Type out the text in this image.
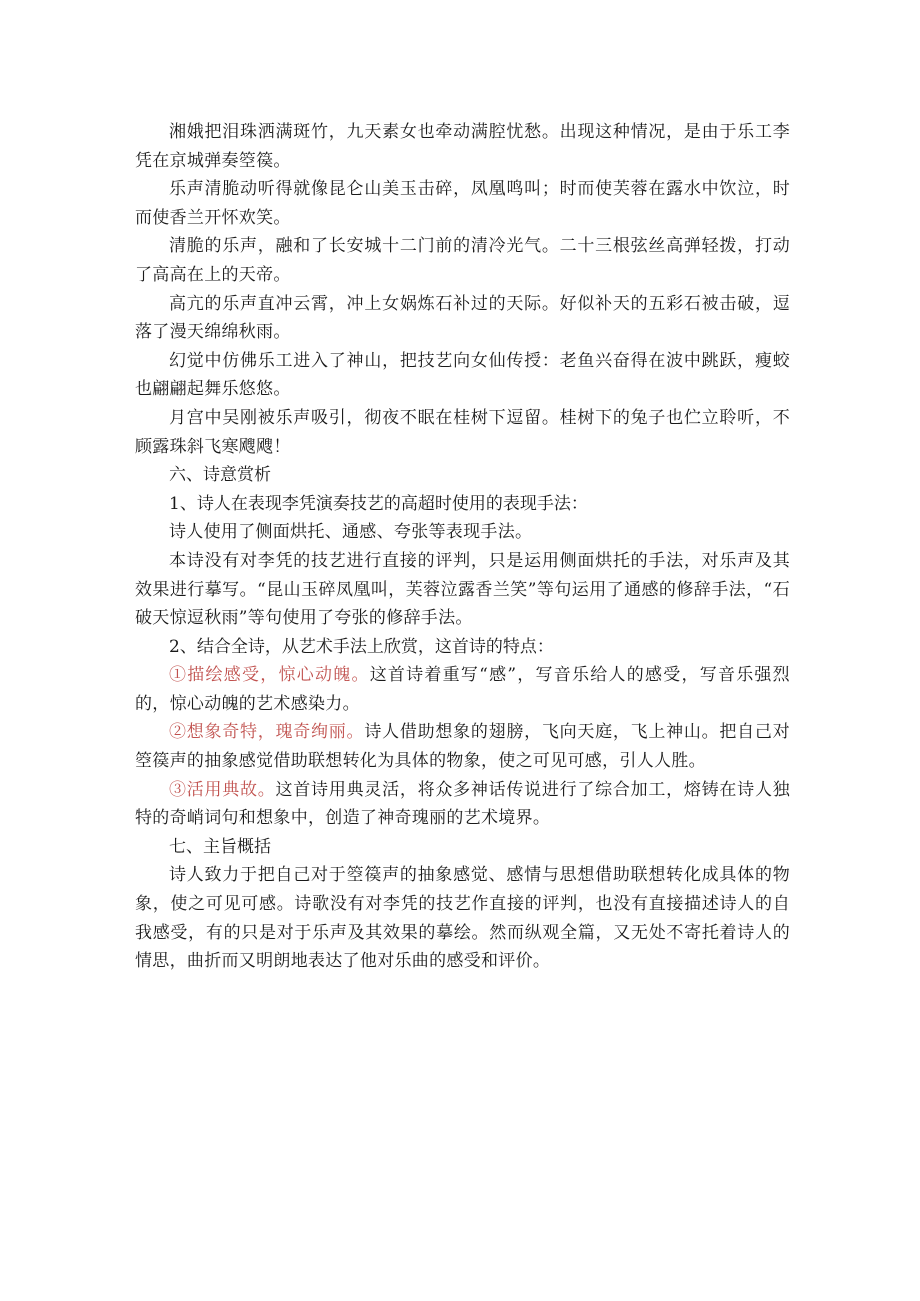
湘娥把泪珠洒满斑竹，九天素女也牵动满腔忧愁。出现这种情况，是由于乐工李凭在京城弹奏箜篌。

乐声清脆动听得就像昆仑山美玉击碎，凤凰鸣叫；时而使芙蓉在露水中饮泣，时而使香兰开怀欢笑。

清脆的乐声，融和了长安城十二门前的清冷光气。二十三根弦丝高弹轻拨，打动了高高在上的天帝。

高亢的乐声直冲云霄，冲上女娲炼石补过的天际。好似补天的五彩石被击破，逗落了漫天绵绵秋雨。

幻觉中仿佛乐工进入了神山，把技艺向女仙传授：老鱼兴奋得在波中跳跃，瘦蛟也翩翩起舞乐悠悠。

月宫中吴刚被乐声吸引，彻夜不眠在桂树下逗留。桂树下的兔子也伫立聆听，不顾露珠斜飞寒飕飕！

六、诗意赏析

1、诗人在表现李凭演奏技艺的高超时使用的表现手法：

诗人使用了侧面烘托、通感、夸张等表现手法。

本诗没有对李凭的技艺进行直接的评判，只是运用侧面烘托的手法，对乐声及其效果进行摹写。“昆山玉碎凤凰叫，芙蓉泣露香兰笑”等句运用了通感的修辞手法，“石破天惊逗秋雨”等句使用了夸张的修辞手法。

2、结合全诗，从艺术手法上欣赏，这首诗的特点：

①描绘感受，惊心动魄。这首诗着重写“感”，写音乐给人的感受，写音乐强烈的，惊心动魄的艺术感染力。

②想象奇特，瑰奇绚丽。诗人借助想象的翅膀，飞向天庭，飞上神山。把自己对箜篌声的抽象感觉借助联想转化为具体的物象，使之可见可感，引人人胜。

③活用典故。这首诗用典灵活，将众多神话传说进行了综合加工，熔铸在诗人独特的奇峭词句和想象中，创造了神奇瑰丽的艺术境界。

七、主旨概括

诗人致力于把自己对于箜篌声的抽象感觉、感情与思想借助联想转化成具体的物象，使之可见可感。诗歌没有对李凭的技艺作直接的评判，也没有直接描述诗人的自我感受，有的只是对于乐声及其效果的摹绘。然而纵观全篇，又无处不寄托着诗人的情思，曲折而又明朗地表达了他对乐曲的感受和评价。
